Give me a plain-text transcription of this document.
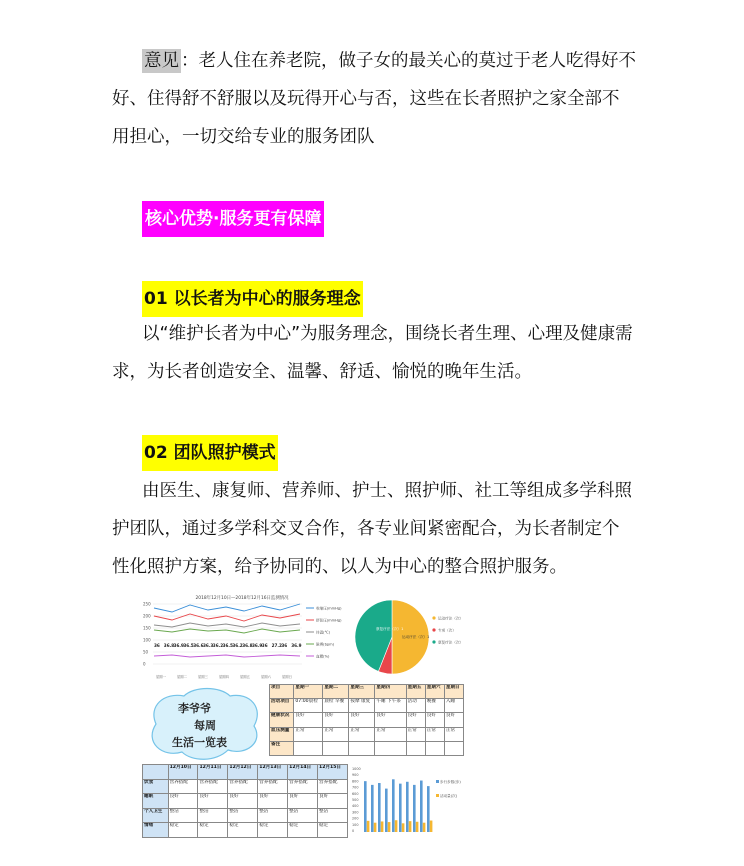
意见 ：老人住在养老院，做子女的最关心的莫过于老人吃得好不好、住得舒不舒服以及玩得开心与否，这些在长者照护之家全部不用担心，一切交给专业的服务团队

核心优势·服务更有保障

01 以长者为中心的服务理念

以“维护长者为中心”为服务理念，围绕长者生理、心理及健康需求，为长者创造安全、温馨、舒适、愉悦的晚年生活。

02 团队照护模式

由医生、康复师、营养师、护士、照护师、社工等组成多学科照护团队，通过多学科交叉合作，各专业间紧密配合，为长者制定个性化照护方案，给予协同的、以人为中心的整合照护服务。

2018年12月10日—2018年12月16日监测情况
250
200
150
100
50
0
36 36.8 36.9 36.5 36.6 36.3 36.2 36.5 36.2 36.8 36.9 36 27.2 36 36.9
星期一	星期二	星期三	星期四	星期五	星期六	星期日
收缩压(mmHg)
舒张压(mmHg)
体温(℃)
脉搏(bpm)
血糖(%)
康复疗法（次）1
运动疗法（次）1
运动疗法（次）
专项（次）
康复疗法（次）
李爷爷
每周
生活一览表
项目	星期一	星期二	星期三	星期四	星期五	星期六	星期日
活动项目	07:00晨检	晨检 早餐	按摩 康复	午睡 下午茶	活动	晚餐	入睡
健康状况	良好	良好	良好	良好	良好	良好	良好
血压测量	正常	正常	正常	正常	正常	正常	正常
备注							
	12月10日	12月11日	12月12日	12月13日	12月14日	12月15日
饮食	营养搭配	营养搭配	营养搭配	营养搭配	营养搭配	营养搭配
睡眠	良好	良好	良好	良好	良好	良好
个人卫生	整洁	整洁	整洁	整洁	整洁	整洁
情绪	稳定	稳定	稳定	稳定	稳定	稳定
1000
900
800
700
600
500
400
300
200
100
0
步行步数(步)
活动量(次)
